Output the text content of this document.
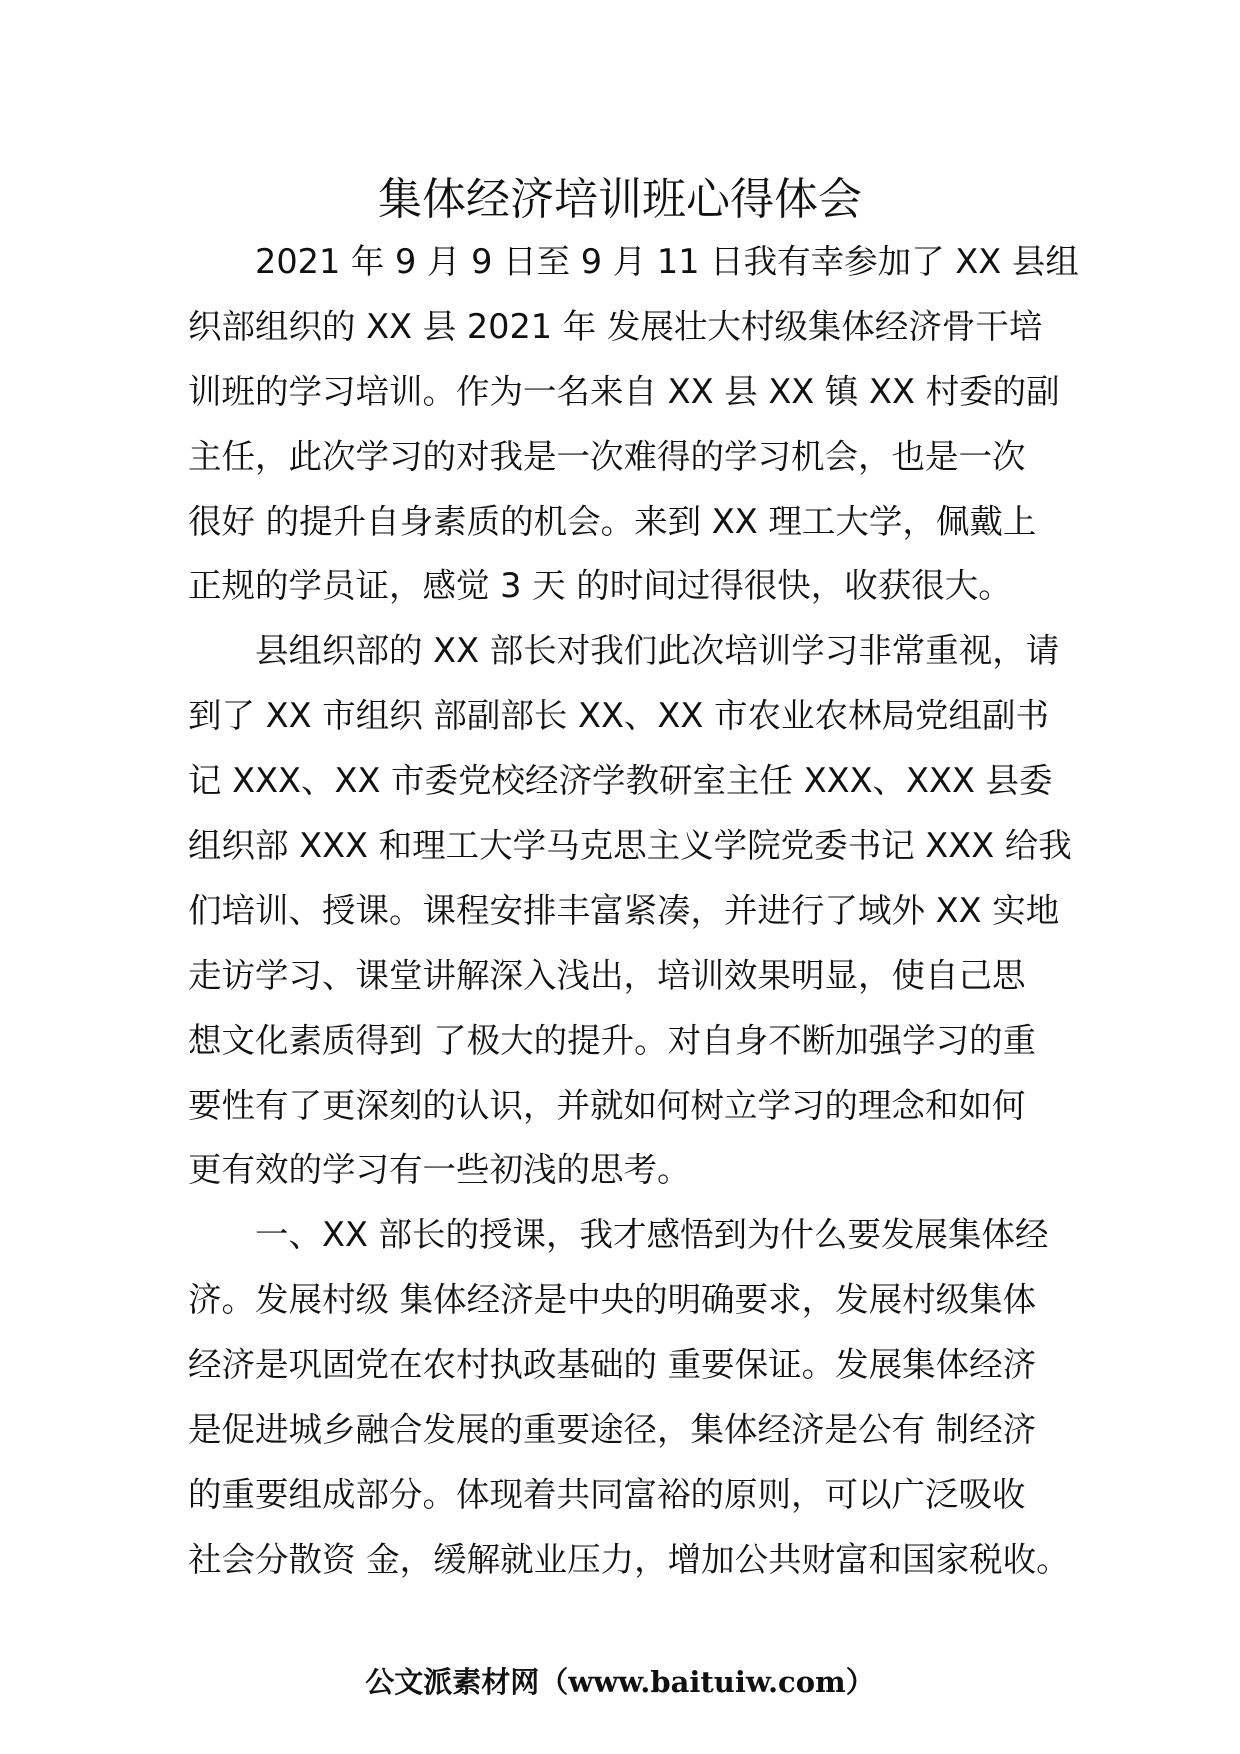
集体经济培训班心得体会
2021 年 9 月 9 日至 9 月 11 日我有幸参加了 XX 县组
织部组织的 XX 县 2021 年 发展壮大村级集体经济骨干培
训班的学习培训。作为一名来自 XX 县 XX 镇 XX 村委的副
主任，此次学习的对我是一次难得的学习机会，也是一次
很好 的提升自身素质的机会。来到 XX 理工大学，佩戴上
正规的学员证，感觉 3 天 的时间过得很快，收获很大。
县组织部的 XX 部长对我们此次培训学习非常重视，请
到了 XX 市组织 部副部长 XX、XX 市农业农林局党组副书
记 XXX、XX 市委党校经济学教研室主任 XXX、XXX 县委
组织部 XXX 和理工大学马克思主义学院党委书记 XXX 给我
们培训、授课。课程安排丰富紧凑，并进行了域外 XX 实地
走访学习、课堂讲解深入浅出，培训效果明显，使自己思
想文化素质得到 了极大的提升。对自身不断加强学习的重
要性有了更深刻的认识，并就如何树立学习的理念和如何
更有效的学习有一些初浅的思考。
一、XX 部长的授课，我才感悟到为什么要发展集体经
济。发展村级 集体经济是中央的明确要求，发展村级集体
经济是巩固党在农村执政基础的 重要保证。发展集体经济
是促进城乡融合发展的重要途径，集体经济是公有 制经济
的重要组成部分。体现着共同富裕的原则，可以广泛吸收
社会分散资 金，缓解就业压力，增加公共财富和国家税收。
公文派素材网（www.baituiw.com）
